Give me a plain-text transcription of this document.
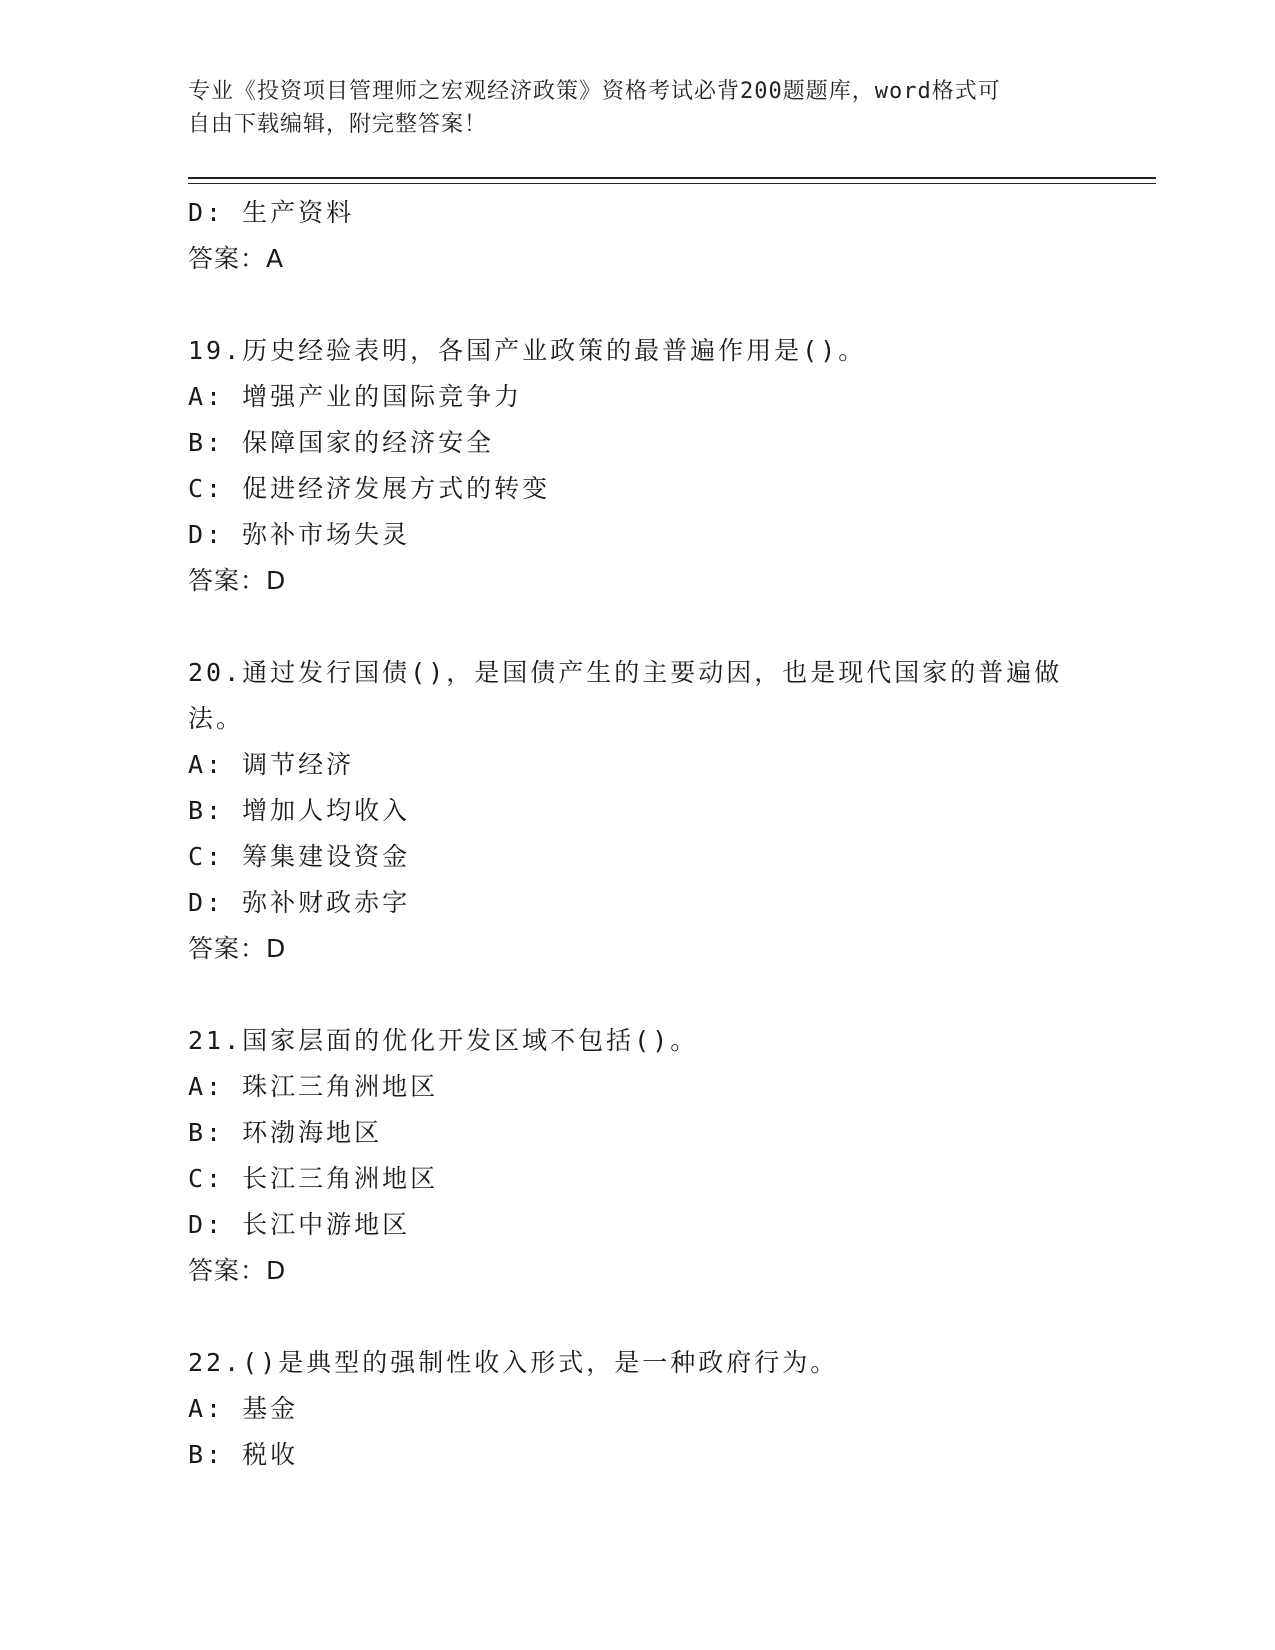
专业《投资项目管理师之宏观经济政策》资格考试必背200题题库，word格式可
自由下载编辑，附完整答案！
D: 生产资料
答案：A
19.历史经验表明，各国产业政策的最普遍作用是()。
A: 增强产业的国际竞争力
B: 保障国家的经济安全
C: 促进经济发展方式的转变
D: 弥补市场失灵
答案：D
20.通过发行国债()，是国债产生的主要动因，也是现代国家的普遍做
法。
A: 调节经济
B: 增加人均收入
C: 筹集建设资金
D: 弥补财政赤字
答案：D
21.国家层面的优化开发区域不包括()。
A: 珠江三角洲地区
B: 环渤海地区
C: 长江三角洲地区
D: 长江中游地区
答案：D
22.()是典型的强制性收入形式，是一种政府行为。
A: 基金
B: 税收
